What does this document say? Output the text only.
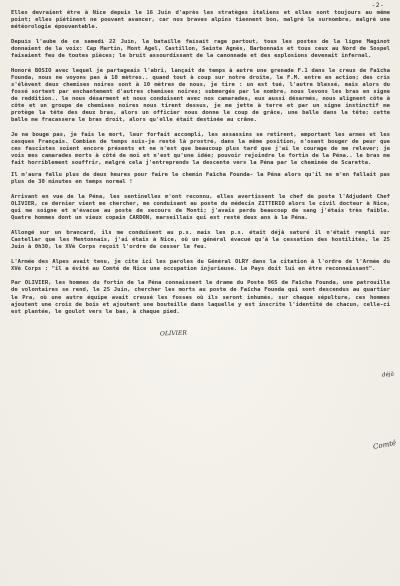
-2-

Elles devraient être à Nice depuis le 16 Juin d'après les stratèges italiens et elles sont toujours au même point; elles piétinent ne pouvant avancer, car nos braves alpins tiennent bon, malgré le surnombre, malgré une météorologie épouvantable.

Depuis l'aube de ce samedi 22 Juin, la bataille faisait rage partout, tous les postes de la ligne Maginot donnaient de la voix: Cap Martin, Mont Agel, Castillon, Sainte Agnès, Barbonnaïs et tous ceux au Nord de Sospel faisaient feu de toutes pièces; le bruit assourdissant de la canonnade et des explosions devenait infernal.

Honoré BOSIO avec lequel je partageais l'abri, lançait de temps à autre une grenade F.1 dans le creux de Faïcha Founda, nous ne voyons pas à 10 mètres.. quand tout à coup sur notre droite, le F.M. entre en action; des cris s'élèvent deux chemises noires sont à 10 mètres de nous, je tire : un est tué, l'autre blessé, mais alors du fossé sortent par enchantement d'autres chemises noires; submergés par le nombre, nous levons les bras en signe de reddition.. le nous désarment et nous conduisent avec nos camarades, eux aussi désarmés, nous alignent côte à côte et un groupe de chemises noires nous tirent dessus, je me jette à terre et par un signe instinctif me protège la tête des deux bras, alors un officier nous donne le coup de grâce, une balle dans la tête; cette balle me fracassera le bras droit, alors qu'elle était destinée au crâne.

Je ne bouge pas, je fais le mort, leur forfait accompli, les assassins se retirent, emportant les armes et les casques Français. Combien de temps suis-je resté là prostré, dans la même position, n'osant bouger de peur que ces fascistes soient encore présents et ne n'est que beaucoup plus tard que j'ai le courage de me relever; je vois mes camarades morts à côté de moi et n'est qu'une idée; pouvoir rejoindre le fortin de la Péna.. le bras me fait horriblement souffrir, malgré cela j'entreprends la descente vers la Péna par le cheminée de Scaretta.

Il m'aura fallu plus de deux heures pour faire le chemin Faïcha Founda- la Péna alors qu'il ne m'en fallait pas plus de 30 minutes en temps normal !

Arrivant en vue de la Péna, les sentinelles m'ont reconnu, elles avertissent le chef de poste l'Adjudant Chef OLIVIER, ce dernier vient me chercher, me conduisant au poste du médecin ZITTERIO alors le civil docteur à Nice, qui me soigne et m'évacue au poste de secours de Monti; j'avais perdu beaucoup de sang j'étais très faible. Quatre hommes dont un vieux copain CARDON, marseillais qui est resté deux ans à la Péna.

Allongé sur un brancard, ils me conduisent au p.s. mais les p.s. était déjà saturé il n'était rempli sur Castellar que les Mentonnais, j'ai étais à Nice, où un général évacué qu'à la cessation des hostilités, le 25 Juin à 0h30, le XVè Corps reçoit l'ordre de cesser le feu.

L'Armée des Alpes avait tenu, je cite ici les paroles du Général OLRY dans la citation à l'ordre de l'Armée du XVè Corps : "il a évité au Comté de Nice une occupation injurieuse. Le Pays doit lui en être reconnaissant".

Par OLIVIER, les hommes du fortin de la Péna connaissent le drame du Poste 965 de Faïcha Founda, une patrouille de volontaires se rend, le 25 Juin, chercher les morts au poste de Faïcha Founda qui sont descendus au quartier le Pra, où une autre équipe avait creusé les fosses où ils seront inhumés, sur chaque sépulture, ces hommes ajoutent une croix de bois et ajoutent une bouteille dans laquelle y est inscrite l'identité de chacun, celle-ci est plantée, le goulot vers le bas, à chaque pied.

déjà
Comté
OLIVIER
